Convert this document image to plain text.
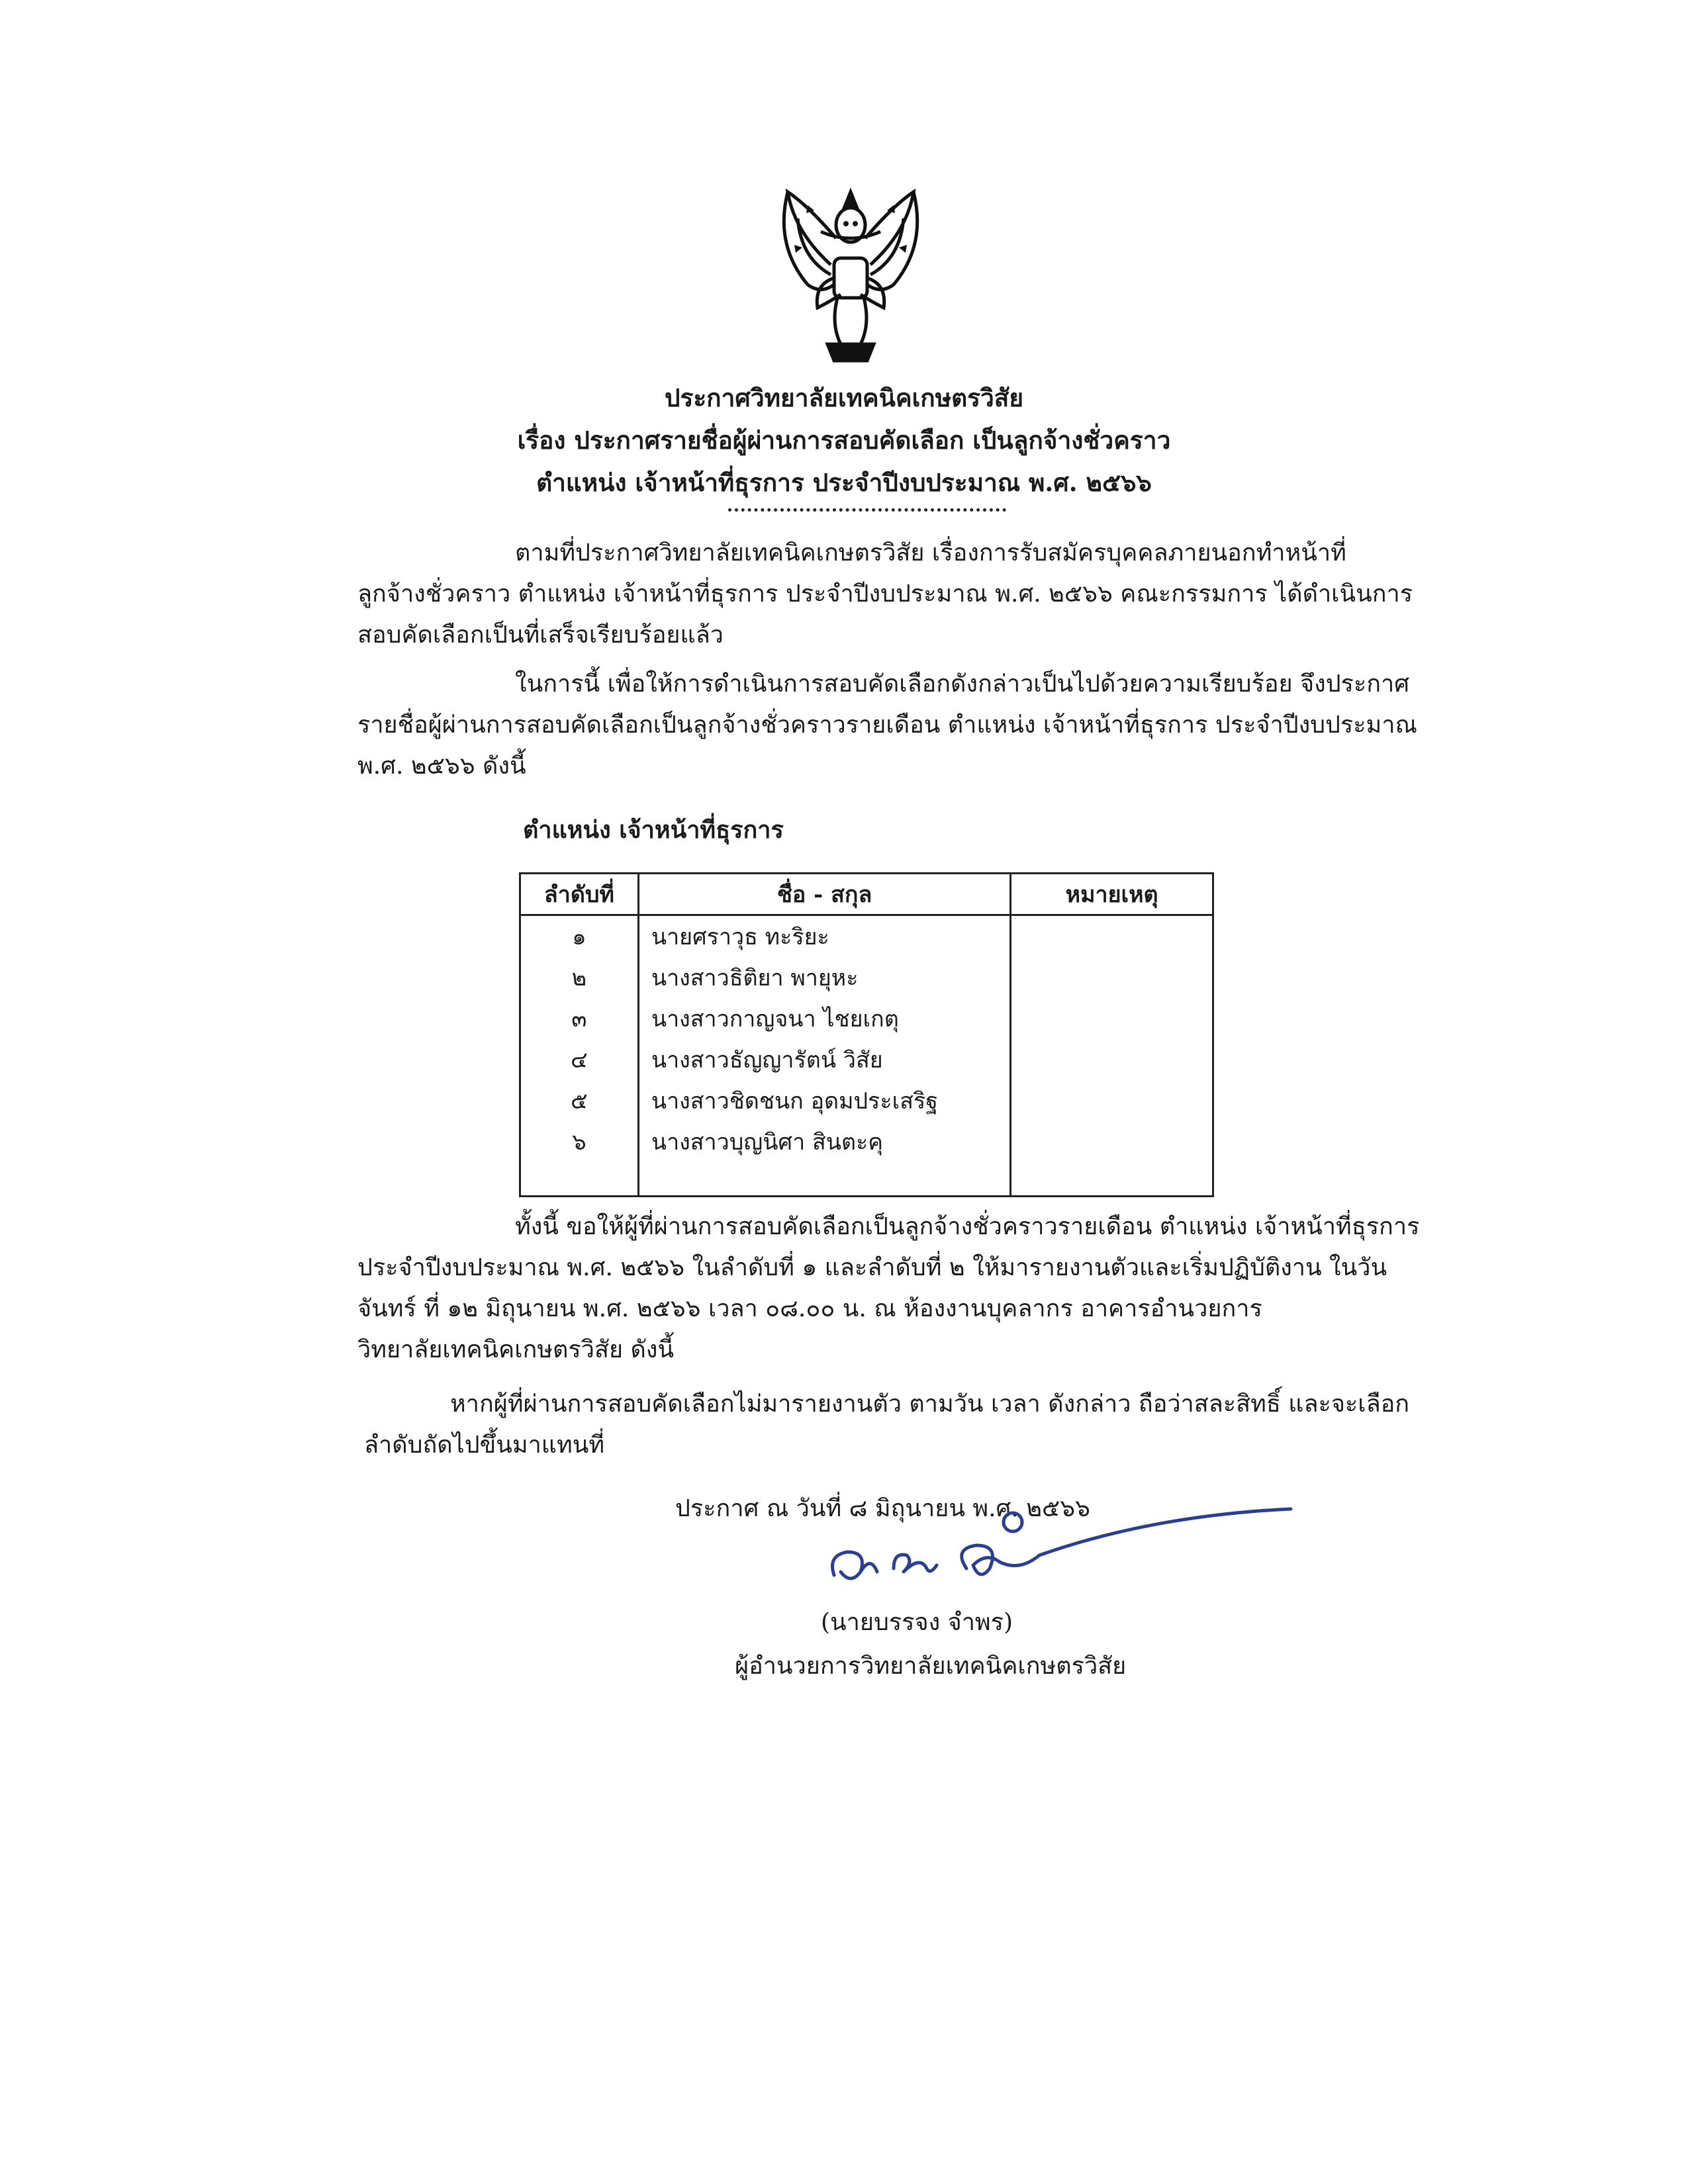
ประกาศวิทยาลัยเทคนิคเกษตรวิสัย
เรื่อง ประกาศรายชื่อผู้ผ่านการสอบคัดเลือก เป็นลูกจ้างชั่วคราว
ตำแหน่ง เจ้าหน้าที่ธุรการ ประจำปีงบประมาณ พ.ศ. ๒๕๖๖
ตามที่ประกาศวิทยาลัยเทคนิคเกษตรวิสัย เรื่องการรับสมัครบุคคลภายนอกทำหน้าที่
ลูกจ้างชั่วคราว ตำแหน่ง เจ้าหน้าที่ธุรการ ประจำปีงบประมาณ พ.ศ. ๒๕๖๖ คณะกรรมการ ได้ดำเนินการ
สอบคัดเลือกเป็นที่เสร็จเรียบร้อยแล้ว
ในการนี้ เพื่อให้การดำเนินการสอบคัดเลือกดังกล่าวเป็นไปด้วยความเรียบร้อย จึงประกาศ
รายชื่อผู้ผ่านการสอบคัดเลือกเป็นลูกจ้างชั่วคราวรายเดือน ตำแหน่ง เจ้าหน้าที่ธุรการ ประจำปีงบประมาณ
พ.ศ. ๒๕๖๖ ดังนี้
ตำแหน่ง เจ้าหน้าที่ธุรการ
ลำดับที่	ชื่อ - สกุล	หมายเหตุ
๑	นายศราวุธ ทะริยะ	
๒	นางสาวธิติยา พายุหะ	
๓	นางสาวกาญจนา ไชยเกตุ	
๔	นางสาวธัญญารัตน์ วิสัย	
๕	นางสาวชิดชนก อุดมประเสริฐ	
๖	นางสาวบุญนิศา สินตะคุ	

ทั้งนี้ ขอให้ผู้ที่ผ่านการสอบคัดเลือกเป็นลูกจ้างชั่วคราวรายเดือน ตำแหน่ง เจ้าหน้าที่ธุรการ
ประจำปีงบประมาณ พ.ศ. ๒๕๖๖ ในลำดับที่ ๑ และลำดับที่ ๒ ให้มารายงานตัวและเริ่มปฏิบัติงาน ในวัน
จันทร์ ที่ ๑๒ มิถุนายน พ.ศ. ๒๕๖๖ เวลา ๐๘.๐๐ น. ณ ห้องงานบุคลากร อาคารอำนวยการ
วิทยาลัยเทคนิคเกษตรวิสัย ดังนี้
หากผู้ที่ผ่านการสอบคัดเลือกไม่มารายงานตัว ตามวัน เวลา ดังกล่าว ถือว่าสละสิทธิ์ และจะเลือก
ลำดับถัดไปขึ้นมาแทนที่
ประกาศ ณ วันที่ ๘ มิถุนายน พ.ศ. ๒๕๖๖
(นายบรรจง จำพร)
ผู้อำนวยการวิทยาลัยเทคนิคเกษตรวิสัย
